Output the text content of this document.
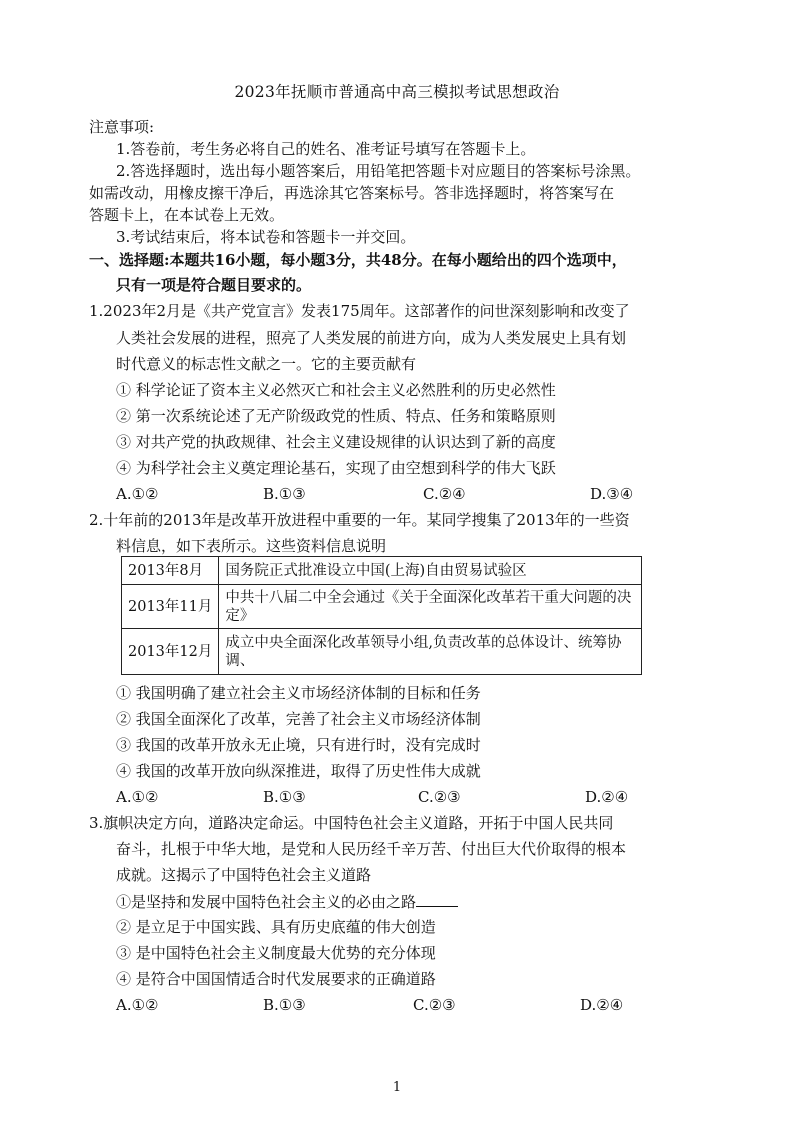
2023年抚顺市普通高中高三模拟考试思想政治
注意事项:
1.答卷前，考生务必将自己的姓名、准考证号填写在答题卡上。
2.答选择题时，选出每小题答案后，用铅笔把答题卡对应题目的答案标号涂黑。
如需改动，用橡皮擦干净后，再选涂其它答案标号。答非选择题时，将答案写在
答题卡上，在本试卷上无效。
3.考试结束后，将本试卷和答题卡一并交回。
一、选择题:本题共16小题，每小题3分，共48分。在每小题给出的四个选项中，
只有一项是符合题目要求的。
1.2023年2月是《共产党宣言》发表175周年。这部著作的问世深刻影响和改变了
人类社会发展的进程，照亮了人类发展的前进方向，成为人类发展史上具有划
时代意义的标志性文献之一。它的主要贡献有
① 科学论证了资本主义必然灭亡和社会主义必然胜利的历史必然性
② 第一次系统论述了无产阶级政党的性质、特点、任务和策略原则
③ 对共产党的执政规律、社会主义建设规律的认识达到了新的高度
④ 为科学社会主义奠定理论基石，实现了由空想到科学的伟大飞跃
A.①②	B.①③	C.②④	D.③④
2.十年前的2013年是改革开放进程中重要的一年。某同学搜集了2013年的一些资
料信息，如下表所示。这些资料信息说明
2013年8月	国务院正式批准设立中国(上海)自由贸易试验区
2013年11月	中共十八届二中全会通过《关于全面深化改革若干重大问题的决定》
2013年12月	成立中央全面深化改革领导小组,负责改革的总体设计、统筹协调、
① 我国明确了建立社会主义市场经济体制的目标和任务
② 我国全面深化了改革，完善了社会主义市场经济体制
③ 我国的改革开放永无止境，只有进行时，没有完成时
④ 我国的改革开放向纵深推进，取得了历史性伟大成就
A.①②	B.①③	C.②③	D.②④
3.旗帜决定方向，道路决定命运。中国特色社会主义道路，开拓于中国人民共同
奋斗，扎根于中华大地，是党和人民历经千辛万苦、付出巨大代价取得的根本
成就。这揭示了中国特色社会主义道路
①是坚持和发展中国特色社会主义的必由之路
② 是立足于中国实践、具有历史底蕴的伟大创造
③ 是中国特色社会主义制度最大优势的充分体现
④ 是符合中国国情适合时代发展要求的正确道路
A.①②	B.①③	C.②③	D.②④
1
